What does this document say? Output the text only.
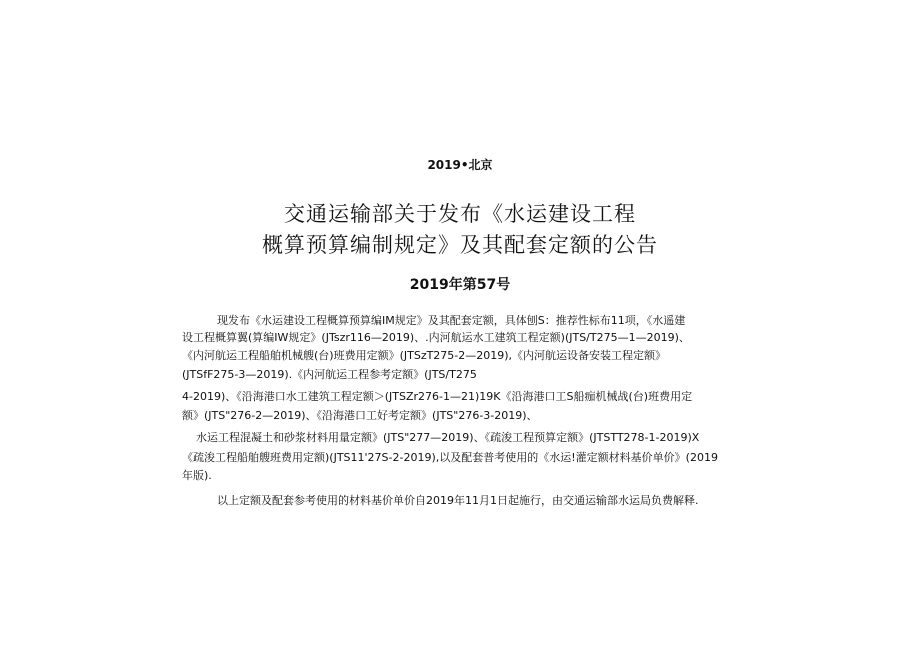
2019•北京
交通运输部关于发布《水运建设工程
概算预算编制规定》及其配套定额的公告
2019年第57号
现发布《水运建设工程概算预算编IM规定》及其配套定额，具体刨S：推荐性标布11项，《水遥建
设工程概算翼(算编IW规定》(JTszr116—2019)、.内河航运水工建筑工程定额)(JTS/T275—1—2019)、
《内河航运工程船舶机械艘(台)班费用定额》(JTSzT275-2—2019),《内河航运设备安装工程定额》
(JTSfF275-3—2019).《内河航运工程参考定额》(JTS/T275
4-2019)、《沿海港口水工建筑工程定额＞(JTSZr276-1—21)19K《沿海港口工S船痂机械战(台)班费用定
额》(JTS"276-2—2019)、《沿海港口工好考定额》(JTS"276-3-2019)、
水运工程混凝土和砂浆材料用量定额》(JTS"277—2019)、《疏浚工程预算定额》(JTSTT278-1-2019)X
《疏浚工程船舶艘班费用定额)(JTS11'27S-2-2019),以及配套普考使用的《水运!灌定额材料基价单价》(2019
年版).
以上定额及配套参考使用的材料基价单价自2019年11月1日起施行，由交通运输部水运局负费解释.
